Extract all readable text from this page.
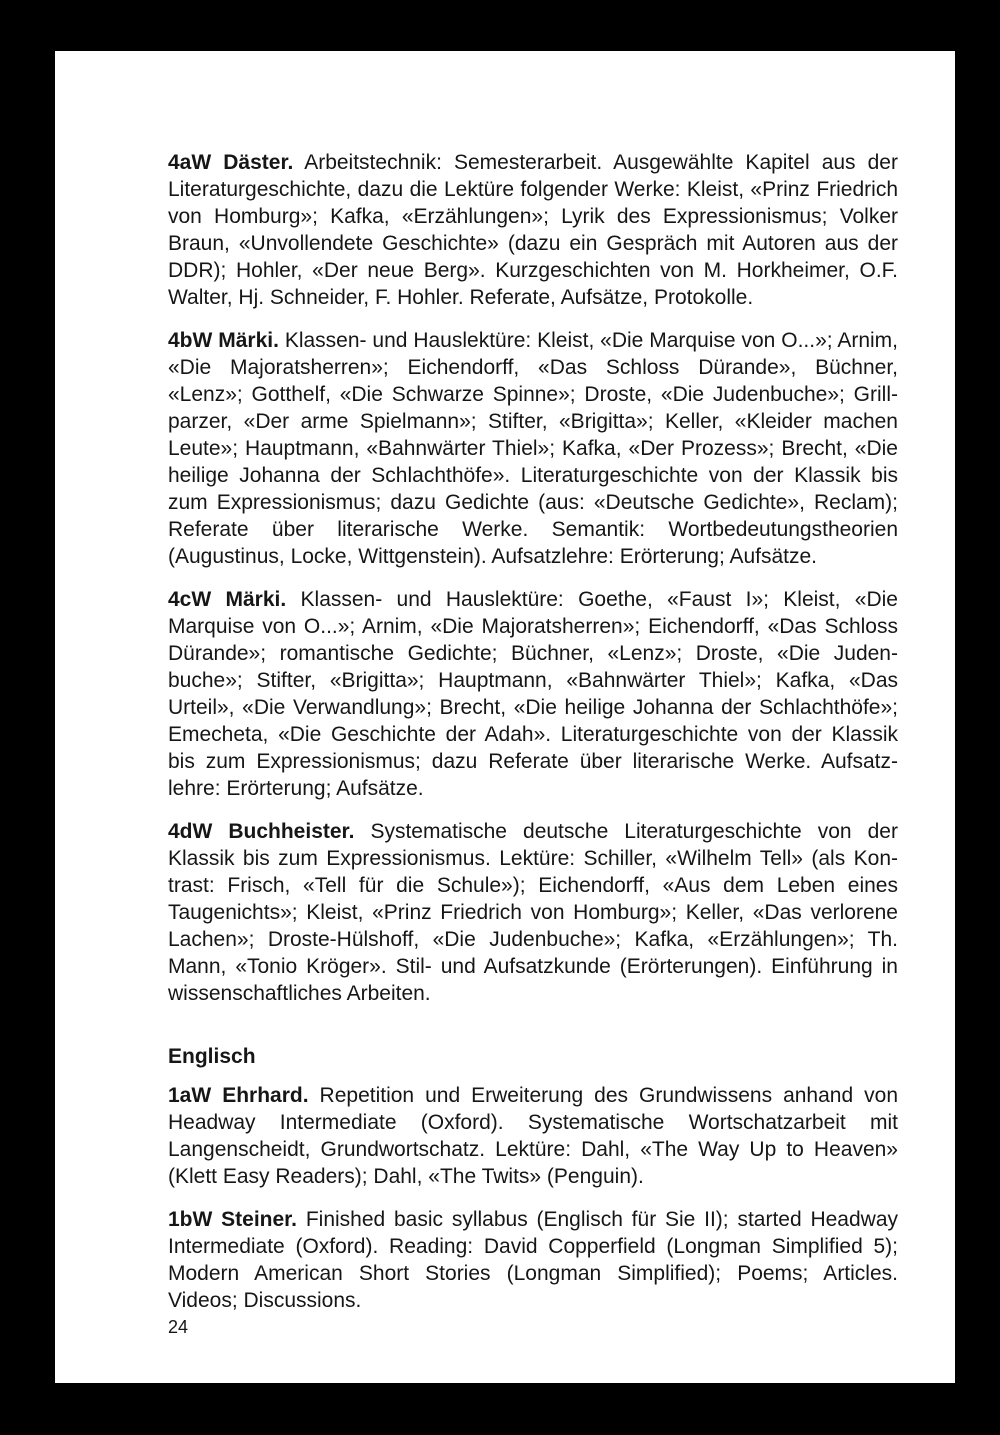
4aW Däster. Arbeitstechnik: Semesterarbeit. Ausgewählte Kapitel aus der Literaturgeschichte, dazu die Lektüre folgender Werke: Kleist, «Prinz Friedrich von Homburg»; Kafka, «Erzählungen»; Lyrik des Expressionismus; Volker Braun, «Unvollendete Geschichte» (dazu ein Gespräch mit Autoren aus der DDR); Hohler, «Der neue Berg». Kurzgeschichten von M. Horkheimer, O.F. Walter, Hj. Schneider, F. Hohler. Referate, Aufsätze, Protokolle.

4bW Märki. Klassen- und Hauslektüre: Kleist, «Die Marquise von O...»; Arnim, «Die Majoratsherren»; Eichendorff, «Das Schloss Dürande», Büchner, «Lenz»; Gotthelf, «Die Schwarze Spinne»; Droste, «Die Judenbuche»; Grillparzer, «Der arme Spielmann»; Stifter, «Brigitta»; Keller, «Kleider machen Leute»; Hauptmann, «Bahnwärter Thiel»; Kafka, «Der Prozess»; Brecht, «Die heilige Johanna der Schlachthöfe». Literaturgeschichte von der Klassik bis zum Expressionismus; dazu Gedichte (aus: «Deutsche Gedichte», Reclam); Referate über literarische Werke. Semantik: Wortbedeutungstheorien (Augustinus, Locke, Wittgenstein). Aufsatzlehre: Erörterung; Aufsätze.

4cW Märki. Klassen- und Hauslektüre: Goethe, «Faust I»; Kleist, «Die Marquise von O...»; Arnim, «Die Majoratsherren»; Eichendorff, «Das Schloss Dürande»; romantische Gedichte; Büchner, «Lenz»; Droste, «Die Judenbuche»; Stifter, «Brigitta»; Hauptmann, «Bahnwärter Thiel»; Kafka, «Das Urteil», «Die Verwandlung»; Brecht, «Die heilige Johanna der Schlachthöfe»; Emecheta, «Die Geschichte der Adah». Literaturgeschichte von der Klassik bis zum Expressionismus; dazu Referate über literarische Werke. Aufsatzlehre: Erörterung; Aufsätze.

4dW Buchheister. Systematische deutsche Literaturgeschichte von der Klassik bis zum Expressionismus. Lektüre: Schiller, «Wilhelm Tell» (als Kontrast: Frisch, «Tell für die Schule»); Eichendorff, «Aus dem Leben eines Taugenichts»; Kleist, «Prinz Friedrich von Homburg»; Keller, «Das verlorene Lachen»; Droste-Hülshoff, «Die Judenbuche»; Kafka, «Erzählungen»; Th. Mann, «Tonio Kröger». Stil- und Aufsatzkunde (Erörterungen). Einführung in wissenschaftliches Arbeiten.

Englisch

1aW Ehrhard. Repetition und Erweiterung des Grundwissens anhand von Headway Intermediate (Oxford). Systematische Wortschatzarbeit mit Langenscheidt, Grundwortschatz. Lektüre: Dahl, «The Way Up to Heaven» (Klett Easy Readers); Dahl, «The Twits» (Penguin).

1bW Steiner. Finished basic syllabus (Englisch für Sie II); started Headway Intermediate (Oxford). Reading: David Copperfield (Longman Simplified 5); Modern American Short Stories (Longman Simplified); Poems; Articles. Videos; Discussions.

24
